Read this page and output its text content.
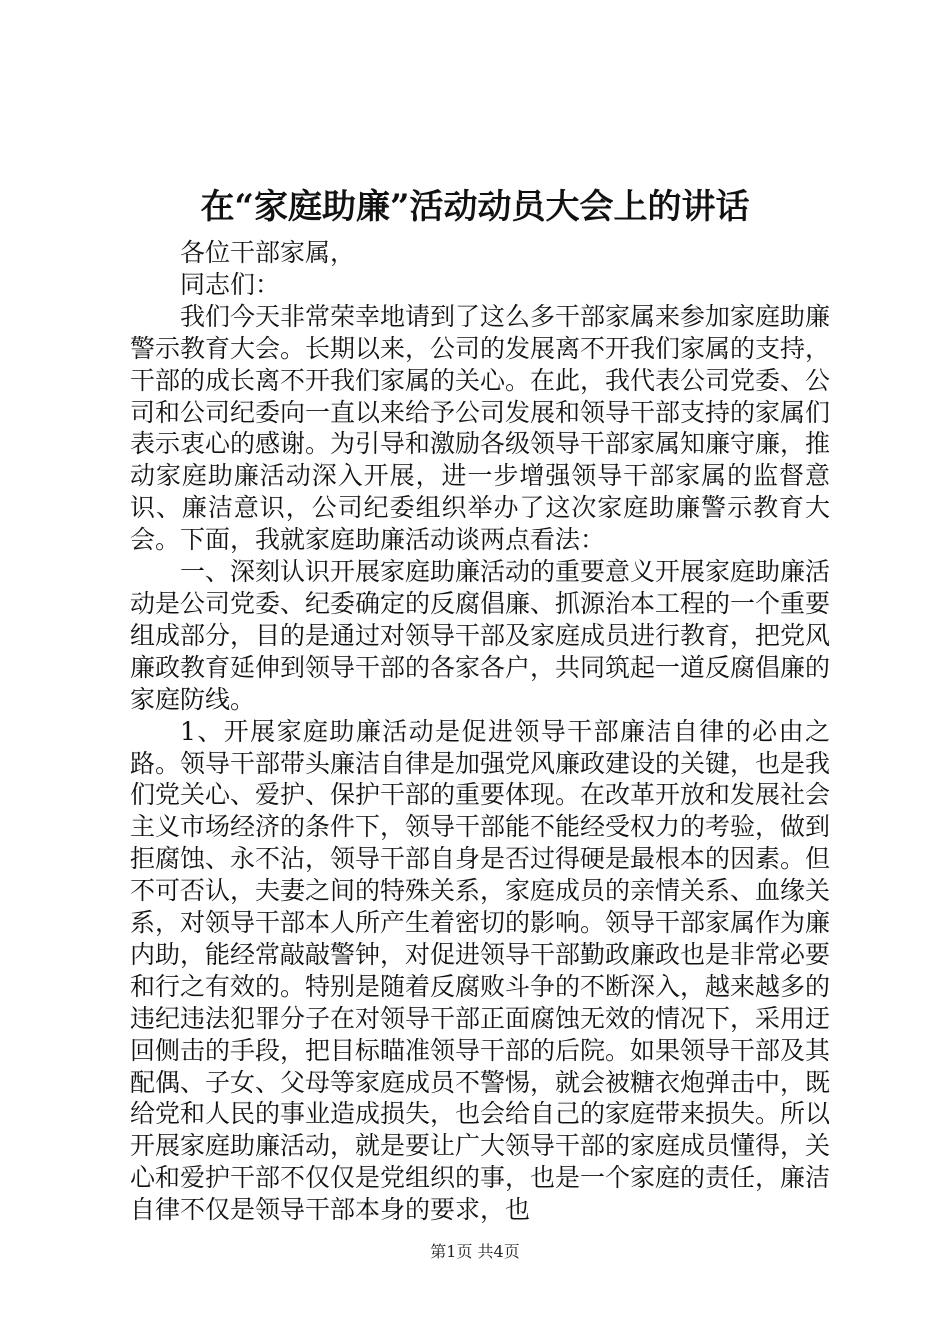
在“家庭助廉”活动动员大会上的讲话

各位干部家属，

同志们：

我们今天非常荣幸地请到了这么多干部家属来参加家庭助廉警示教育大会。长期以来，公司的发展离不开我们家属的支持，干部的成长离不开我们家属的关心。在此，我代表公司党委、公司和公司纪委向一直以来给予公司发展和领导干部支持的家属们表示衷心的感谢。为引导和激励各级领导干部家属知廉守廉，推动家庭助廉活动深入开展，进一步增强领导干部家属的监督意识、廉洁意识，公司纪委组织举办了这次家庭助廉警示教育大会。下面，我就家庭助廉活动谈两点看法：

一、深刻认识开展家庭助廉活动的重要意义开展家庭助廉活动是公司党委、纪委确定的反腐倡廉、抓源治本工程的一个重要组成部分，目的是通过对领导干部及家庭成员进行教育，把党风廉政教育延伸到领导干部的各家各户，共同筑起一道反腐倡廉的家庭防线。

1、开展家庭助廉活动是促进领导干部廉洁自律的必由之路。领导干部带头廉洁自律是加强党风廉政建设的关键，也是我们党关心、爱护、保护干部的重要体现。在改革开放和发展社会主义市场经济的条件下，领导干部能不能经受权力的考验，做到拒腐蚀、永不沾，领导干部自身是否过得硬是最根本的因素。但不可否认，夫妻之间的特殊关系，家庭成员的亲情关系、血缘关系，对领导干部本人所产生着密切的影响。领导干部家属作为廉内助，能经常敲敲警钟，对促进领导干部勤政廉政也是非常必要和行之有效的。特别是随着反腐败斗争的不断深入，越来越多的违纪违法犯罪分子在对领导干部正面腐蚀无效的情况下，采用迂回侧击的手段，把目标瞄准领导干部的后院。如果领导干部及其配偶、子女、父母等家庭成员不警惕，就会被糖衣炮弹击中，既给党和人民的事业造成损失，也会给自己的家庭带来损失。所以开展家庭助廉活动，就是要让广大领导干部的家庭成员懂得，关心和爱护干部不仅仅是党组织的事，也是一个家庭的责任，廉洁自律不仅是领导干部本身的要求，也

第1页 共4页
